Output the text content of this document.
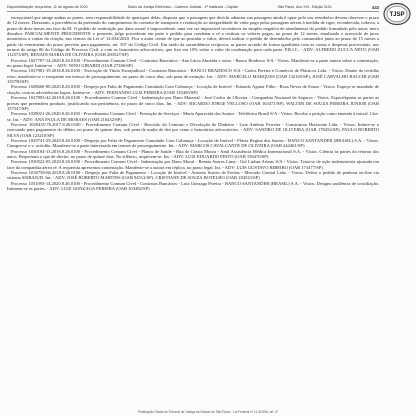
Disponibilização: terça-feira, 11 de agosto de 2020	Diário da Justiça Eletrônico - Caderno Judicial - 1ª Instância - Capital	São Paulo, Ano XIII - Edição 3101	443
TJSP

excepcional que atinge ambas as partes, sem responsabilidade de quaisquer delas, disposta que a passagem que decidir adiantar sua passagem ainda é optar pelo seu reembolso devem observar o prazo de 12 meses. Deixaram, a providência da pretensão do cumprimento do contrato de transporte e restituição ao integralidade do valor pago pelas passagens aéreas à medida de rigor, reconhecida, todavia, a prazo de doze meses em face da M. O pedido de restituição por dano moral é improcedente, uma vez ser impossível reconhecer na simples negativa de atendimento do pedido formulado pelo autor, mero dissabor. PARCIALMENTE PROCEDENTE o presente, julgo procedente em parte o pedido para condenar a ré a restituir os valores pagos, no prazo de 12 meses, atualizado e acrescido de juros moratórios a contar da citação, nos termos da Lei n° 14.034/2020. Fica o autor ciente de que ao postular o valor, deverá indicar o pedido de desembolso pelo consumidor junto ao prazo de 15 meses a partir do vencimento do prazo previsto para pagamento, art. 397 do Código Civil. Em razão da sucumbência recíproca, as partes arcarão de forma igualitária com as custas e despesas processuais, nos termos do artigo 86 do Código de Processo Civil, e com os honorários advocatícios, que fixo em 10% sobre o valor da condenação para cada parte. P.R.I.C. - ADV: ALFREDO ZUCCA NETO (OAB 112573/SP), RENATE MARIA DE OLIVEIRA (OAB 200527/SP)

Processo 1027787-14.2020.8.26.0100 - Procedimento Comum Cível - Contratos Bancários - Ana Lúcia Almeida e outro - Banco Bradesco S/A - Vistos. Manifeste-se a parte autora sobre a contestação, no prazo legal. Intime-se. - ADV: NINO GIRARDI (OAB 27386/SP)

Processo 1027981-19.2016.8.26.0100 - Execução de Título Extrajudicial - Contratos Bancários - BANCO BRADESCO S/A - Carlos Pereira e Comércio de Plásticos Ltda. - Vistos. Diante da certidão retro, manifeste-se o exequente em termos de prosseguimento, no prazo de cinco dias, sob pena de extinção. Int. - ADV: MARCELO MARQUES (OAB 132165/SP), JOSÉ CARVALHO BACCHI (OAB 135790/SP)

Processo 1028660-80.2020.8.26.0100 - Despejo por Falta de Pagamento Cumulado Com Cobrança - Locação de Imóvel - Eduardo Aguiar Filho - Rosa Neves de Souza - Vistos. Expeça-se mandado de citação, com as advertências legais. Intime-se. - ADV: FERNANDO LUIZ PEREIRA (OAB 135465/SP)

Processo 1027993-42.2019.8.26.0100 - Procedimento Comum Cível - Indenização por Dano Material - José Carlos de Oliveira - Companhia Nacional de Seguros - Vistos. Especifiquem as partes as provas que pretendem produzir, justificando sua pertinência, no prazo de cinco dias. Int. - ADV: RICARDO JORGE VELLOSO (OAB 163471/SP), WALTER DE SOUZA PEREIRA JUNIOR (OAB 157547/SP)

Processo 1029021-26.2020.8.26.0100 - Procedimento Comum Cível - Prestação de Serviços - Maria Aparecida dos Santos - Telefônica Brasil S/A - Vistos. Recebo a petição como emenda à inicial. Cite-se. Int. - ADV: ANA PAULA DE MORAES (OAB 216432/SP)

Processo 1029435-76.2017.8.26.0100 - Procedimento Comum Cível - Rescisão do Contrato e Devolução do Dinheiro - Luiz Antônio Ferreira - Construtora Horizonte Ltda. - Vistos. Intime-se o executado para pagamento do débito, no prazo de quinze dias, sob pena de multa de dez por cento e honorários advocatícios. - ADV: SANDRO DE OLIVEIRA (OAB 178452/SP), PAULO ROBERTO SILVA (OAB 123210/SP)

Processo 1029741-29.2020.8.26.0100 - Despejo por Falta de Pagamento Cumulado Com Cobrança - Locação de Imóvel - Flávia Regina dos Santos - BANCO SANTANDER (BRASIL) S.A. - Vistos. Cumpra-se o v. acórdão. Manifeste-se a parte interessada em termos de prosseguimento. Int. - ADV: MARCOS CAVALCANTE DE OLIVEIRA (OAB 244461/SP)

Processo 1030184-13.2016.8.26.0100 - Procedimento Comum Cível - Planos de Saúde - Rita de Cássia Moura - Amil Assistência Médica Internacional S.A. - Vistos. Ciência às partes do retorno dos autos. Requeiram o que de direito, no prazo de quinze dias. No silêncio, arquivem-se. Int. - ADV: LUIZ EDUARDO PINTO (OAB 158470/SP)

Processo 1030522-05.2020.8.26.0100 - Procedimento Comum Cível - Indenização por Dano Moral - Renata Soares Lima - Gol Linhas Aéreas S/A - Vistos. Trata-se de ação indenizatória ajuizada em face da companhia aérea ré. A requerida apresentou contestação. Manifeste-se a autora em réplica, no prazo legal. Int. - ADV: LUIS GUSTAVO RIBEIRO (OAB 173477/SP)

Processo 1030758-66.2018.8.26.0100 - Despejo por Falta de Pagamento - Locação de Imóvel - Antonio Soares de Freitas - Mercado Central Ltda. - Vistos. Defiro o pedido de penhora on-line via sistema SISBAJUD. Int. - ADV: JOSÉ ROBERTO MARTINS (OAB 94512/SP), CRISTIANE DE SOUZA BOTELHO (OAB 184523/SP)

Processo 1031093-14.2020.8.26.0100 - Procedimento Comum Cível - Contratos Bancários - Luiz Gonzaga Pereira - BANCO SANTANDER (BRASIL) S.A. - Vistos. Designo audiência de conciliação. Intimem-se as partes. - ADV: LUIZ GONZAGA PEREIRA (OAB 103492/SP)

Publicação Oficial do Tribunal de Justiça do Estado de São Paulo - Lei Federal nº 11.419/06, art. 4º
